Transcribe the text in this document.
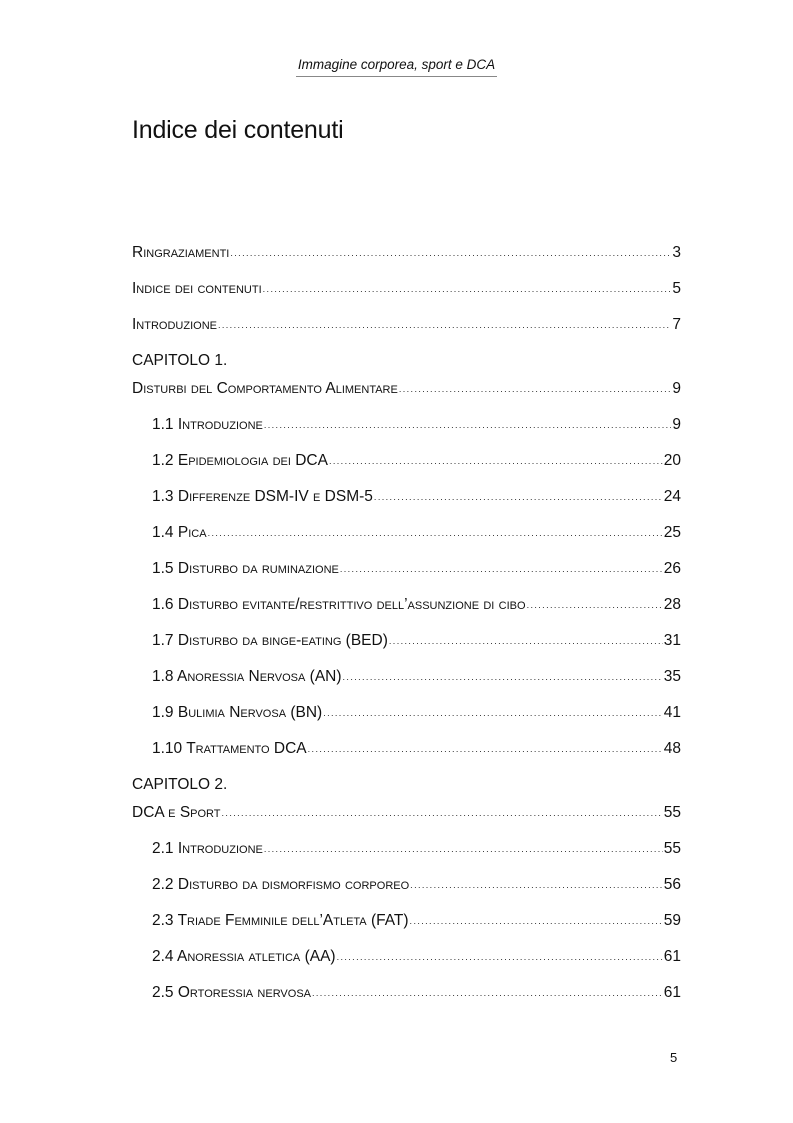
Immagine corporea, sport e DCA
Indice dei contenuti
Ringraziamenti .....	3
Indice dei contenuti .....	5
Introduzione .....	7
CAPITOLO 1.
Disturbi del Comportamento Alimentare .....	9
1.1 Introduzione .....	9
1.2 Epidemiologia dei DCA .....	20
1.3 Differenze DSM-IV e DSM-5 .....	24
1.4 Pica .....	25
1.5 Disturbo da ruminazione .....	26
1.6 Disturbo evitante/restrittivo dell’assunzione di cibo .....	28
1.7 Disturbo da binge-eating (BED) .....	31
1.8 Anoressia Nervosa (AN) .....	35
1.9 Bulimia Nervosa (BN) .....	41
1.10 Trattamento DCA .....	48
CAPITOLO 2.
DCA e Sport .....	55
2.1 Introduzione .....	55
2.2 Disturbo da dismorfismo corporeo .....	56
2.3 Triade Femminile dell’Atleta (FAT) .....	59
2.4 Anoressia atletica (AA) .....	61
2.5 Ortoressia nervosa .....	61
5
